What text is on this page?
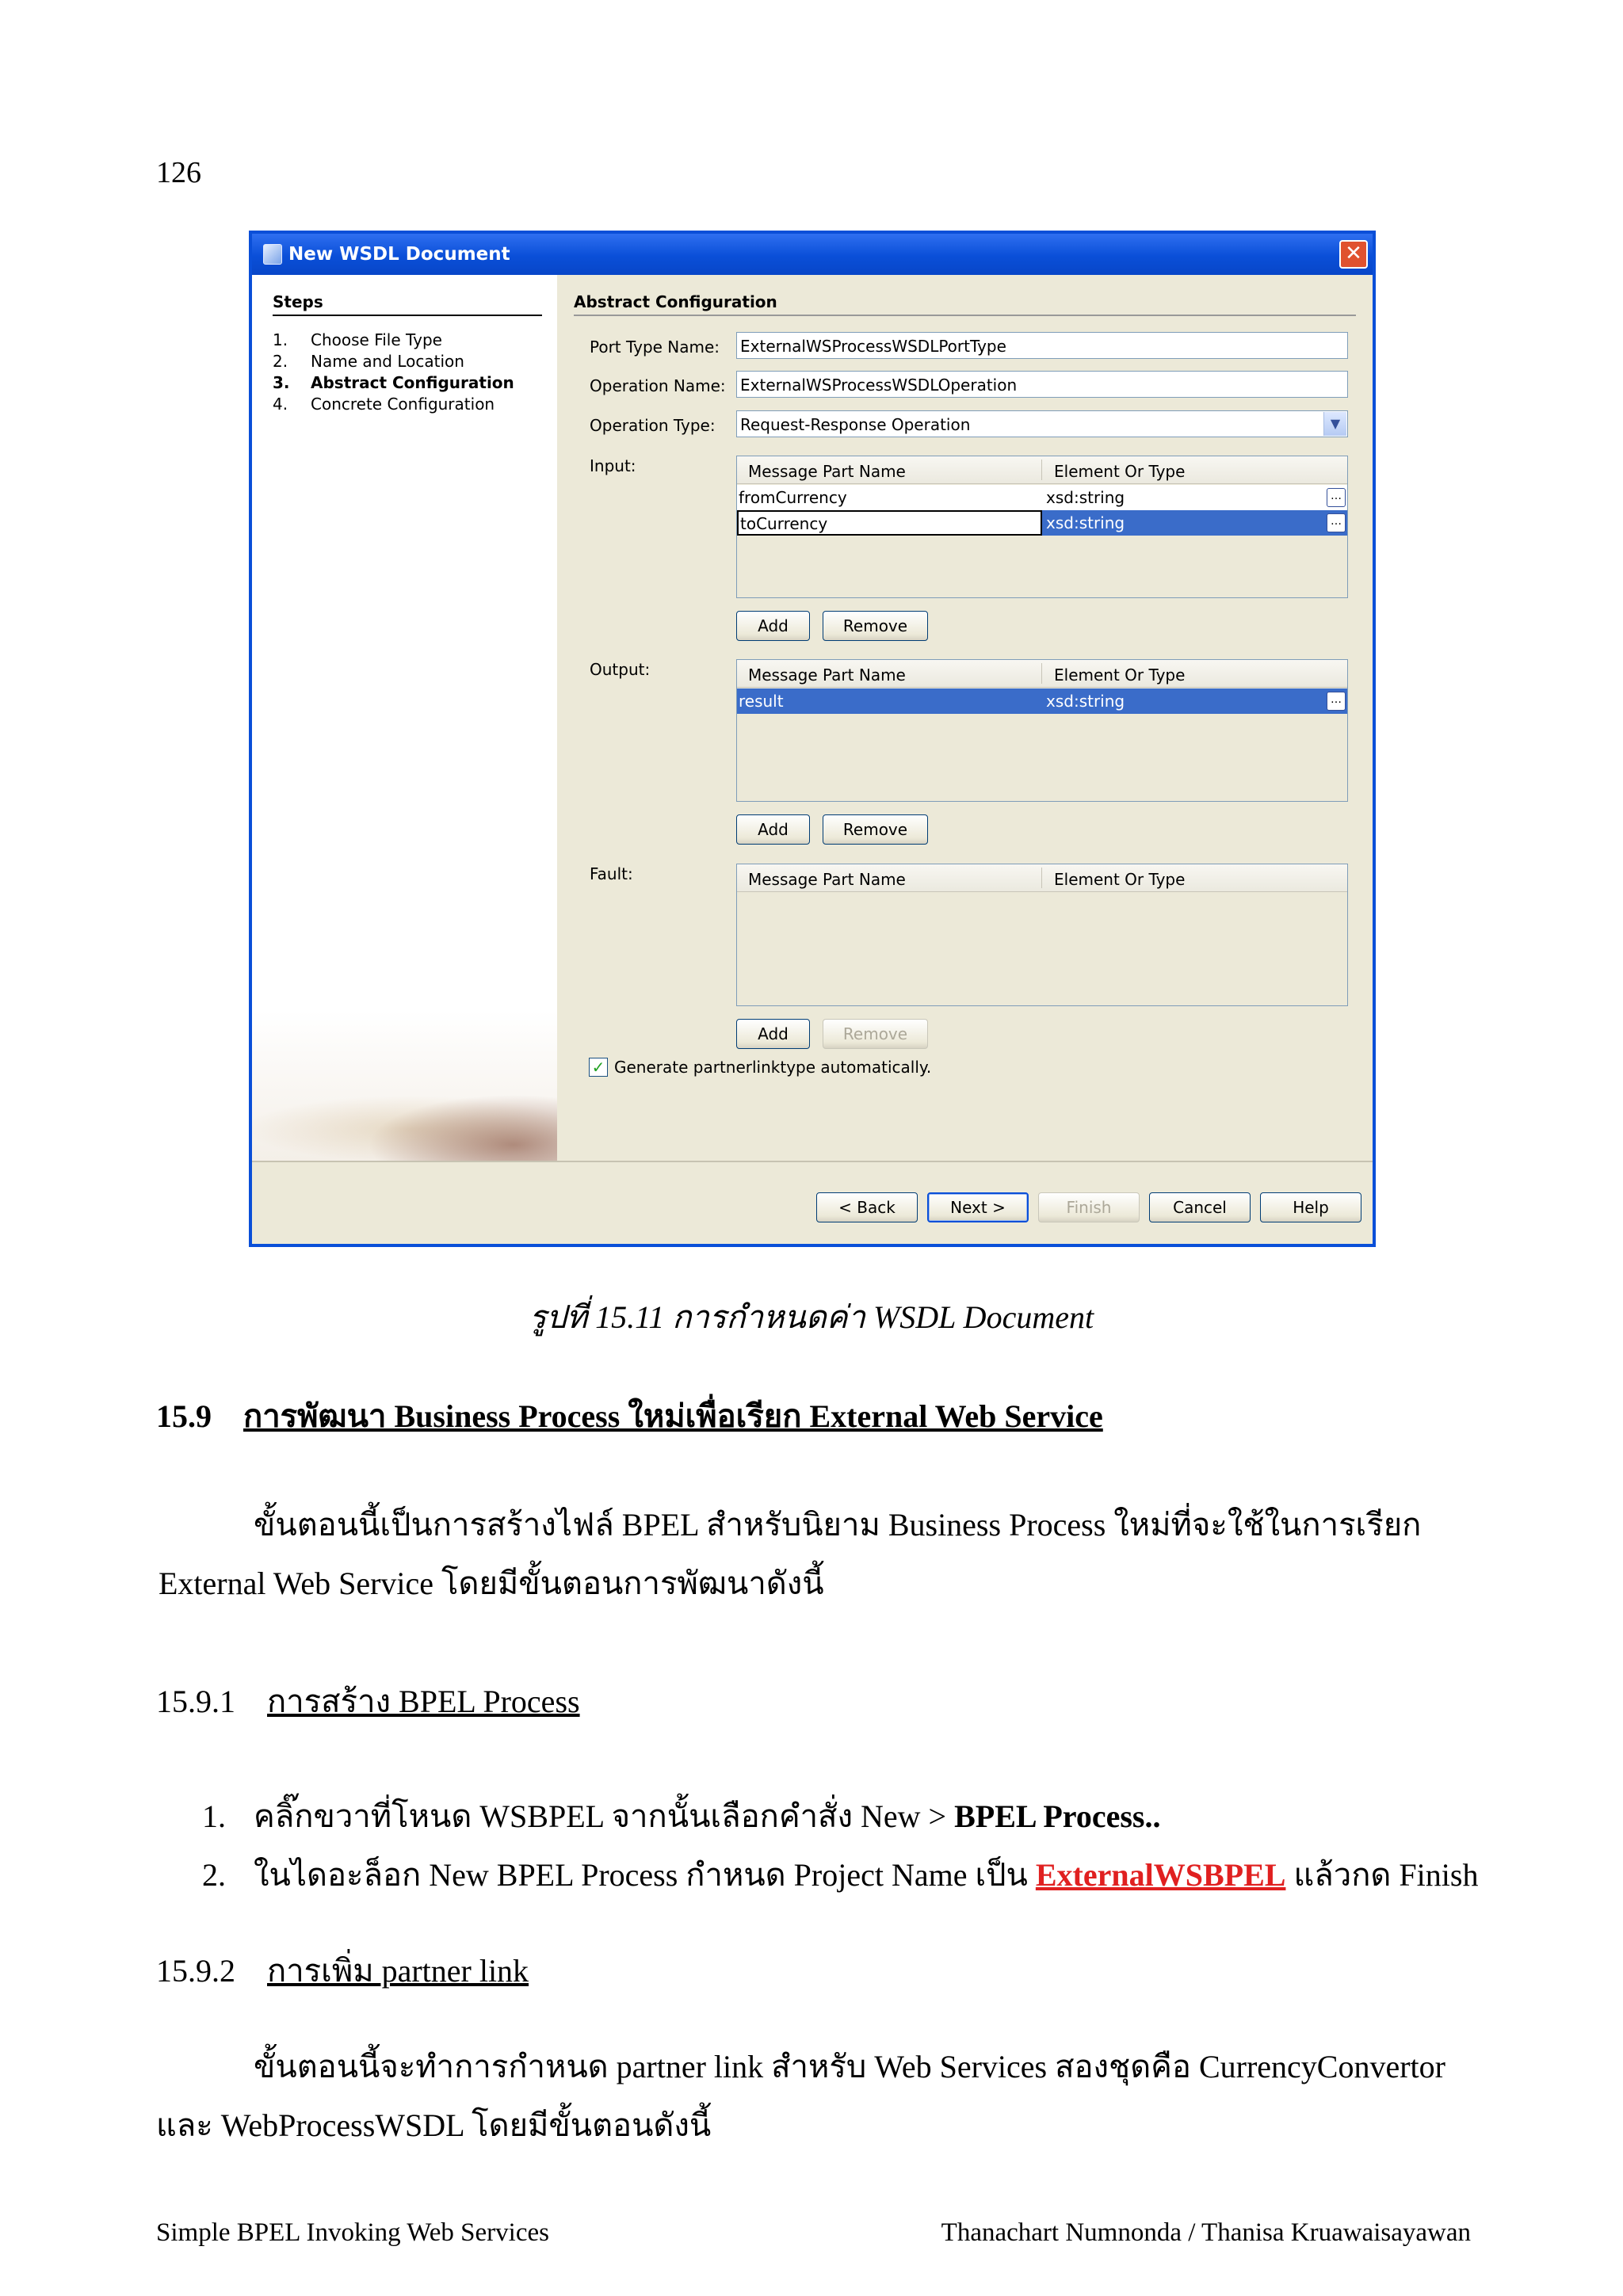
126
New WSDL Document	✕
Steps
1. Choose File Type
2. Name and Location
3. Abstract Configuration
4. Concrete Configuration
Abstract Configuration
Port Type Name: ExternalWSProcessWSDLPortType
Operation Name: ExternalWSProcessWSDLOperation
Operation Type: Request-Response Operation	▼
Input:	Message Part Name	Element Or Type
fromCurrency	xsd:string	…
toCurrency	xsd:string	…
Add	Remove
Output:	Message Part Name	Element Or Type
result	xsd:string	…
Add	Remove
Fault:	Message Part Name	Element Or Type
Add	Remove
✓ Generate partnerlinktype automatically.
< Back	Next >	Finish	Cancel	Help
รูปที่ 15.11 การกำหนดค่า WSDL Document
15.9 การพัฒนา Business Process ใหม่เพื่อเรียก External Web Service
ขั้นตอนนี้เป็นการสร้างไฟล์ BPEL สำหรับนิยาม Business Process ใหม่ที่จะใช้ในการเรียก External Web Service โดยมีขั้นตอนการพัฒนาดังนี้
15.9.1 การสร้าง BPEL Process
1. คลิ๊กขวาที่โหนด WSBPEL จากนั้นเลือกคำสั่ง New > BPEL Process..
2. ในไดอะล็อก New BPEL Process กำหนด Project Name เป็น ExternalWSBPEL แล้วกด Finish
15.9.2 การเพิ่ม partner link
ขั้นตอนนี้จะทำการกำหนด partner link สำหรับ Web Services สองชุดคือ CurrencyConvertor และ WebProcessWSDL โดยมีขั้นตอนดังนี้
Simple BPEL Invoking Web Services	Thanachart Numnonda / Thanisa Kruawaisayawan
